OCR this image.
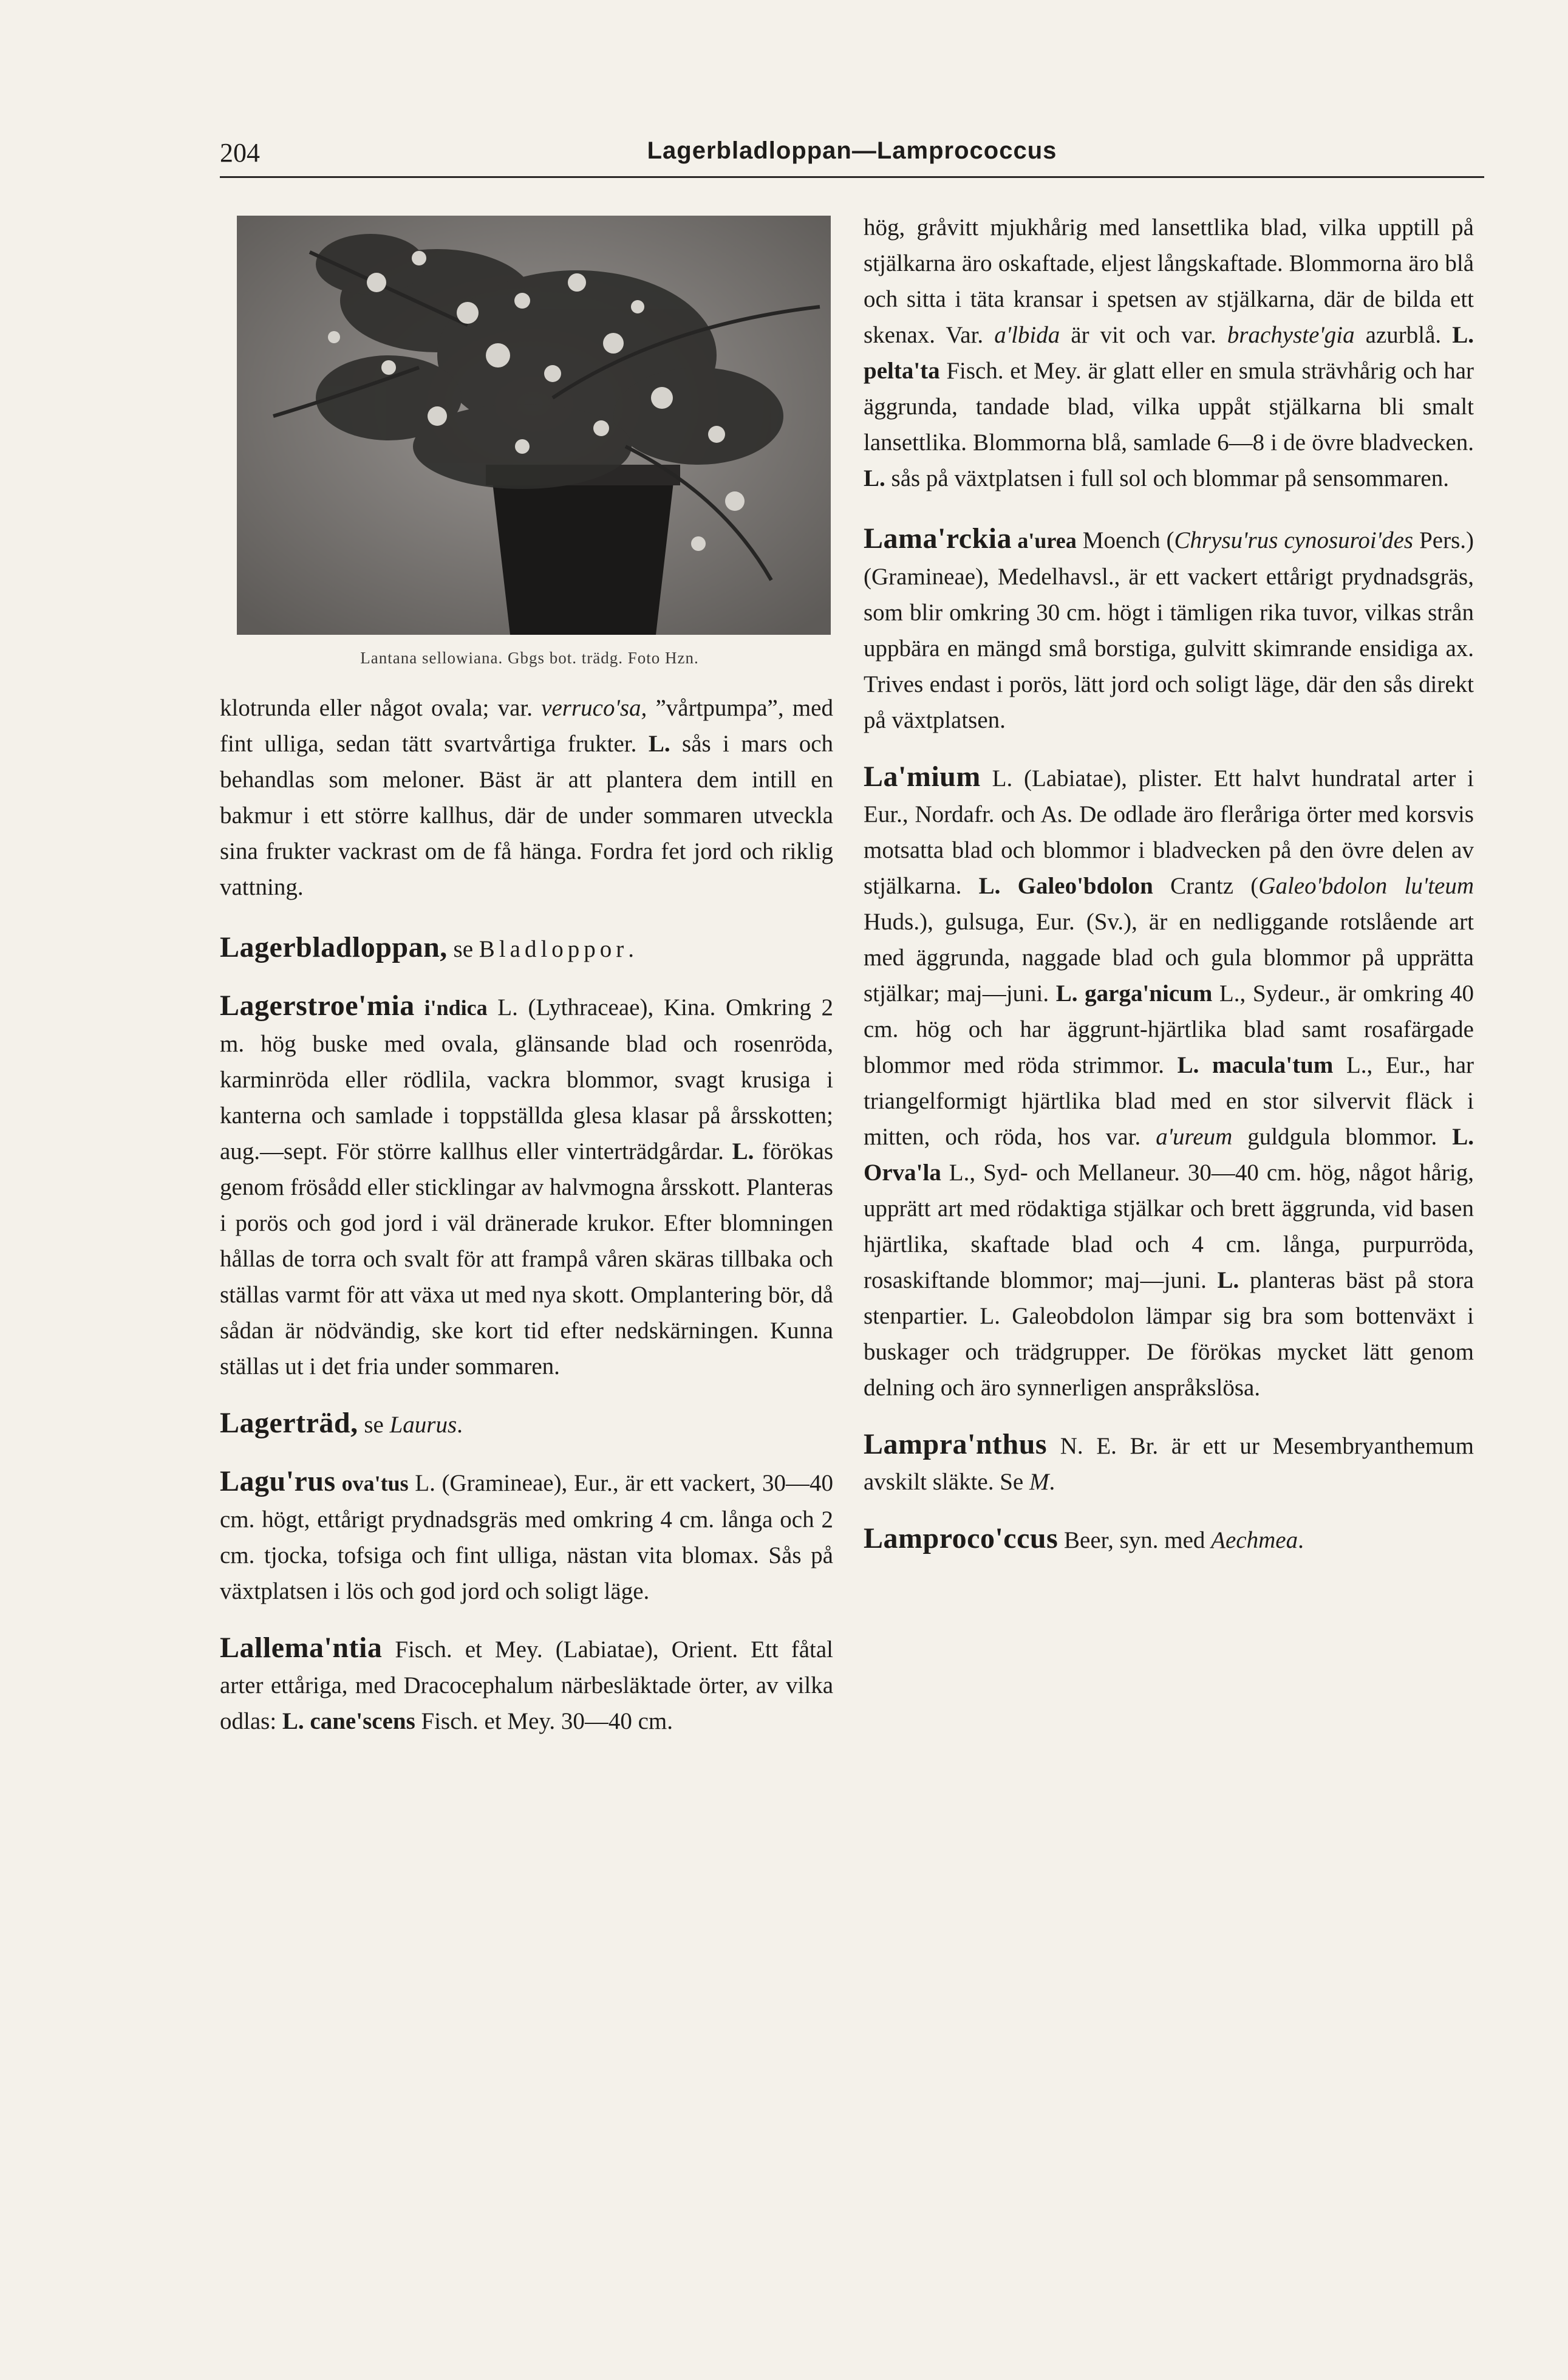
204	Lagerbladloppan—Lamprococcus
Lantana sellowiana. Gbgs bot. trädg. Foto Hzn.

klotrunda eller något ovala; var. verruco'sa, ”vårtpumpa”, med fint ulliga, sedan tätt svartvårtiga frukter. L. sås i mars och behandlas som meloner. Bäst är att plantera dem intill en bakmur i ett större kallhus, där de under sommaren utveckla sina frukter vackrast om de få hänga. Fordra fet jord och riklig vattning.

Lagerbladloppan, se Bladloppor.

Lagerstroe'mia i'ndica L. (Lythraceae), Kina. Omkring 2 m. hög buske med ovala, glänsande blad och rosenröda, karminröda eller rödlila, vackra blommor, svagt krusiga i kanterna och samlade i toppställda glesa klasar på årsskotten; aug.—sept. För större kallhus eller vinterträdgårdar. L. förökas genom frösådd eller sticklingar av halvmogna årsskott. Planteras i porös och god jord i väl dränerade krukor. Efter blomningen hållas de torra och svalt för att frampå våren skäras tillbaka och ställas varmt för att växa ut med nya skott. Omplantering bör, då sådan är nödvändig, ske kort tid efter nedskärningen. Kunna ställas ut i det fria under sommaren.

Lagerträd, se Laurus.

Lagu'rus ova'tus L. (Gramineae), Eur., är ett vackert, 30—40 cm. högt, ettårigt prydnadsgräs med omkring 4 cm. långa och 2 cm. tjocka, tofsiga och fint ulliga, nästan vita blomax. Sås på växtplatsen i lös och god jord och soligt läge.

Lallema'ntia Fisch. et Mey. (Labiatae), Orient. Ett fåtal arter ettåriga, med Dracocephalum närbesläktade örter, av vilka odlas: L. cane'scens Fisch. et Mey. 30—40 cm.

hög, gråvitt mjukhårig med lansettlika blad, vilka upptill på stjälkarna äro oskaftade, eljest långskaftade. Blommorna äro blå och sitta i täta kransar i spetsen av stjälkarna, där de bilda ett skenax. Var. a'lbida är vit och var. brachyste'gia azurblå. L. pelta'ta Fisch. et Mey. är glatt eller en smula strävhårig och har äggrunda, tandade blad, vilka uppåt stjälkarna bli smalt lansettlika. Blommorna blå, samlade 6—8 i de övre bladvecken. L. sås på växtplatsen i full sol och blommar på sensommaren.

Lama'rckia a'urea Moench (Chrysu'rus cynosuroi'des Pers.) (Gramineae), Medelhavsl., är ett vackert ettårigt prydnadsgräs, som blir omkring 30 cm. högt i tämligen rika tuvor, vilkas strån uppbära en mängd små borstiga, gulvitt skimrande ensidiga ax. Trives endast i porös, lätt jord och soligt läge, där den sås direkt på växtplatsen.

La'mium L. (Labiatae), plister. Ett halvt hundratal arter i Eur., Nordafr. och As. De odlade äro fleråriga örter med korsvis motsatta blad och blommor i bladvecken på den övre delen av stjälkarna. L. Galeo'bdolon Crantz (Galeo'bdolon lu'teum Huds.), gulsuga, Eur. (Sv.), är en nedliggande rotslående art med äggrunda, naggade blad och gula blommor på upprätta stjälkar; maj—juni. L. garga'nicum L., Sydeur., är omkring 40 cm. hög och har äggrunt-hjärtlika blad samt rosafärgade blommor med röda strimmor. L. macula'tum L., Eur., har triangelformigt hjärtlika blad med en stor silvervit fläck i mitten, och röda, hos var. a'ureum guldgula blommor. L. Orva'la L., Syd- och Mellaneur. 30—40 cm. hög, något hårig, upprätt art med rödaktiga stjälkar och brett äggrunda, vid basen hjärtlika, skaftade blad och 4 cm. långa, purpurröda, rosaskiftande blommor; maj—juni. L. planteras bäst på stora stenpartier. L. Galeobdolon lämpar sig bra som bottenväxt i buskager och trädgrupper. De förökas mycket lätt genom delning och äro synnerligen anspråkslösa.

Lampra'nthus N. E. Br. är ett ur Mesembryanthemum avskilt släkte. Se M.

Lamproco'ccus Beer, syn. med Aechmea.
